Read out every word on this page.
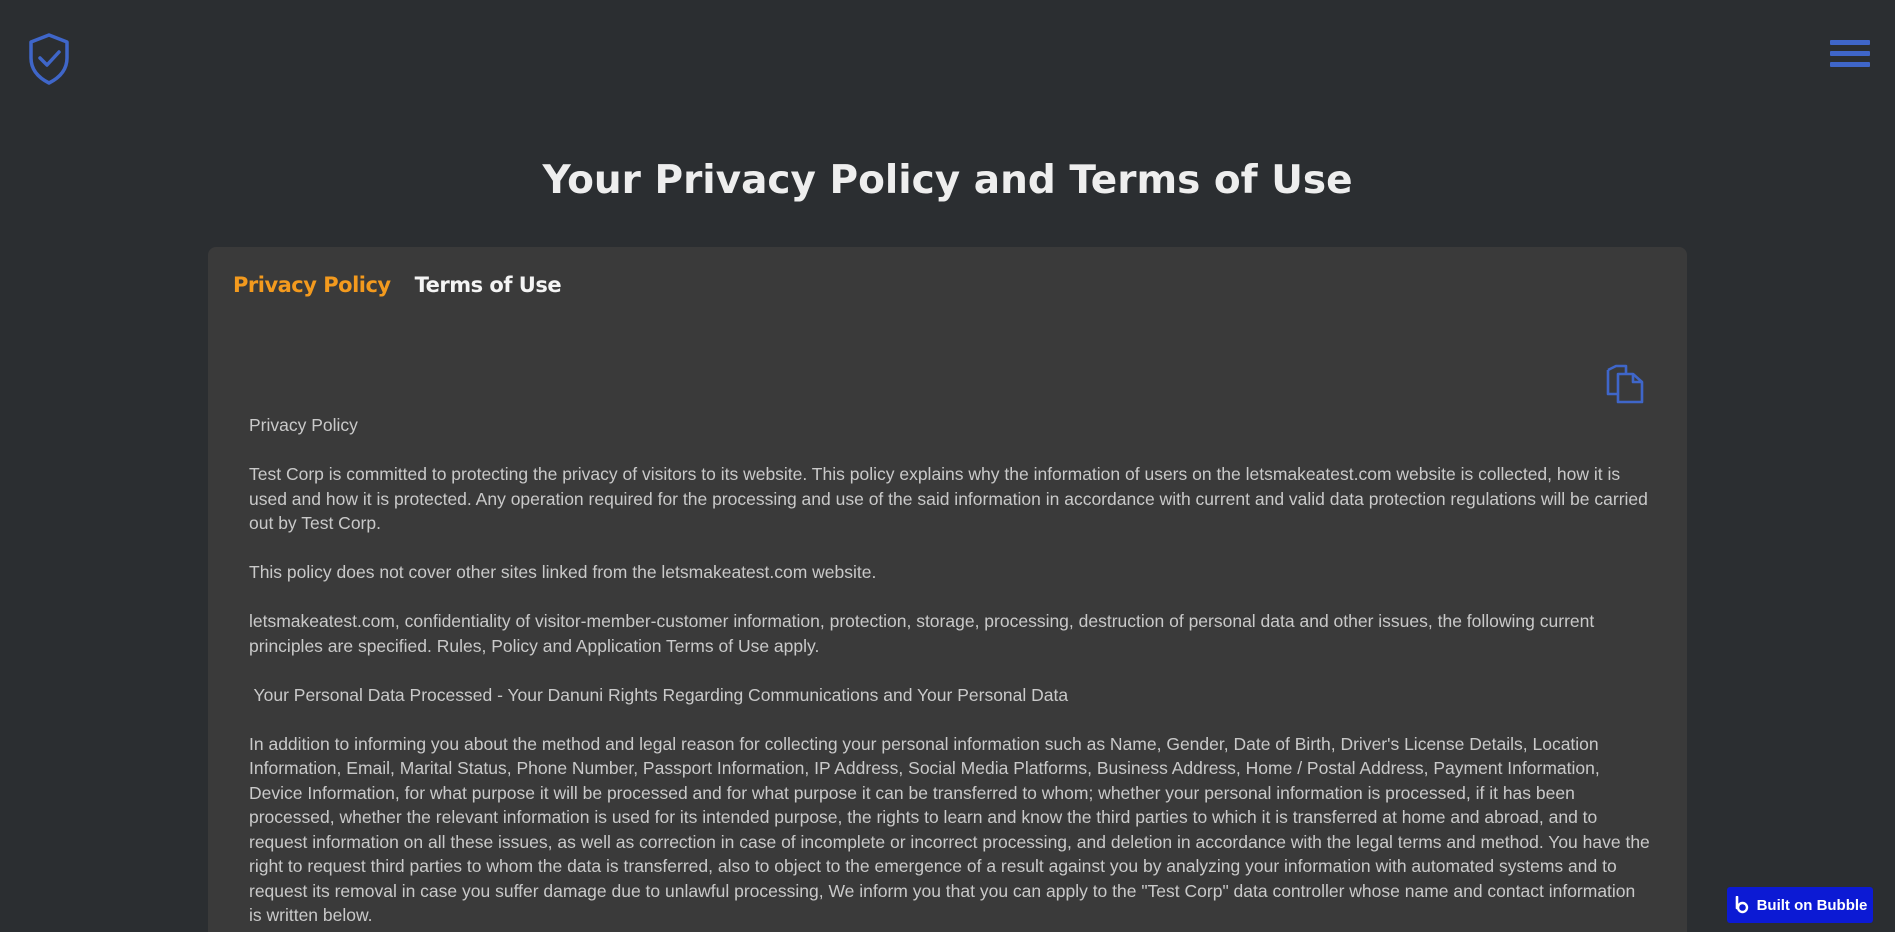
Your Privacy Policy and Terms of Use
Privacy Policy Terms of Use

Privacy Policy

Test Corp is committed to protecting the privacy of visitors to its website. This policy explains why the information of users on the letsmakeatest.com website is collected, how it is used and how it is protected. Any operation required for the processing and use of the said information in accordance with current and valid data protection regulations will be carried out by Test Corp.

This policy does not cover other sites linked from the letsmakeatest.com website.

letsmakeatest.com, confidentiality of visitor-member-customer information, protection, storage, processing, destruction of personal data and other issues, the following current principles are specified. Rules, Policy and Application Terms of Use apply.

Your Personal Data Processed - Your Danuni Rights Regarding Communications and Your Personal Data

In addition to informing you about the method and legal reason for collecting your personal information such as Name, Gender, Date of Birth, Driver's License Details, Location Information, Email, Marital Status, Phone Number, Passport Information, IP Address, Social Media Platforms, Business Address, Home / Postal Address, Payment Information, Device Information, for what purpose it will be processed and for what purpose it can be transferred to whom; whether your personal information is processed, if it has been processed, whether the relevant information is used for its intended purpose, the rights to learn and know the third parties to which it is transferred at home and abroad, and to request information on all these issues, as well as correction in case of incomplete or incorrect processing, and deletion in accordance with the legal terms and method. You have the right to request third parties to whom the data is transferred, also to object to the emergence of a result against you by analyzing your information with automated systems and to request its removal in case you suffer damage due to unlawful processing, We inform you that you can apply to the "Test Corp" data controller whose name and contact information is written below.	Built on Bubble
